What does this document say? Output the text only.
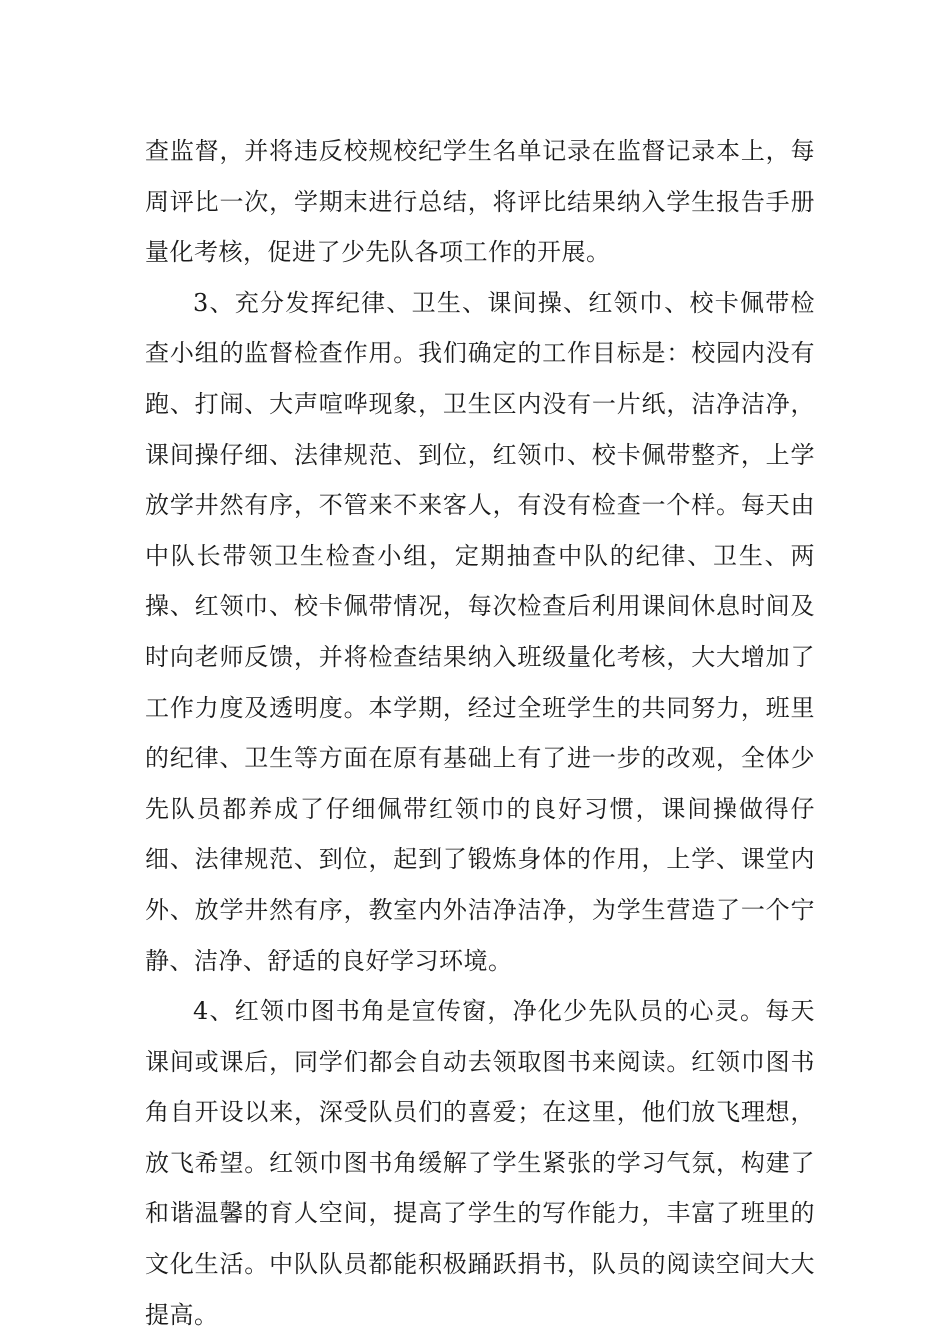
查监督，并将违反校规校纪学生名单记录在监督记录本上，每周评比一次，学期末进行总结，将评比结果纳入学生报告手册量化考核，促进了少先队各项工作的开展。

3、充分发挥纪律、卫生、课间操、红领巾、校卡佩带检查小组的监督检查作用。我们确定的工作目标是：校园内没有跑、打闹、大声喧哗现象，卫生区内没有一片纸，洁净洁净，课间操仔细、法律规范、到位，红领巾、校卡佩带整齐，上学放学井然有序，不管来不来客人，有没有检查一个样。每天由中队长带领卫生检查小组，定期抽查中队的纪律、卫生、两操、红领巾、校卡佩带情况，每次检查后利用课间休息时间及时向老师反馈，并将检查结果纳入班级量化考核，大大增加了工作力度及透明度。本学期，经过全班学生的共同努力，班里的纪律、卫生等方面在原有基础上有了进一步的改观，全体少先队员都养成了仔细佩带红领巾的良好习惯，课间操做得仔细、法律规范、到位，起到了锻炼身体的作用，上学、课堂内外、放学井然有序，教室内外洁净洁净，为学生营造了一个宁静、洁净、舒适的良好学习环境。

4、红领巾图书角是宣传窗，净化少先队员的心灵。每天课间或课后，同学们都会自动去领取图书来阅读。红领巾图书角自开设以来，深受队员们的喜爱；在这里，他们放飞理想，放飞希望。红领巾图书角缓解了学生紧张的学习气氛，构建了和谐温馨的育人空间，提高了学生的写作能力，丰富了班里的文化生活。中队队员都能积极踊跃捐书，队员的阅读空间大大提高。
